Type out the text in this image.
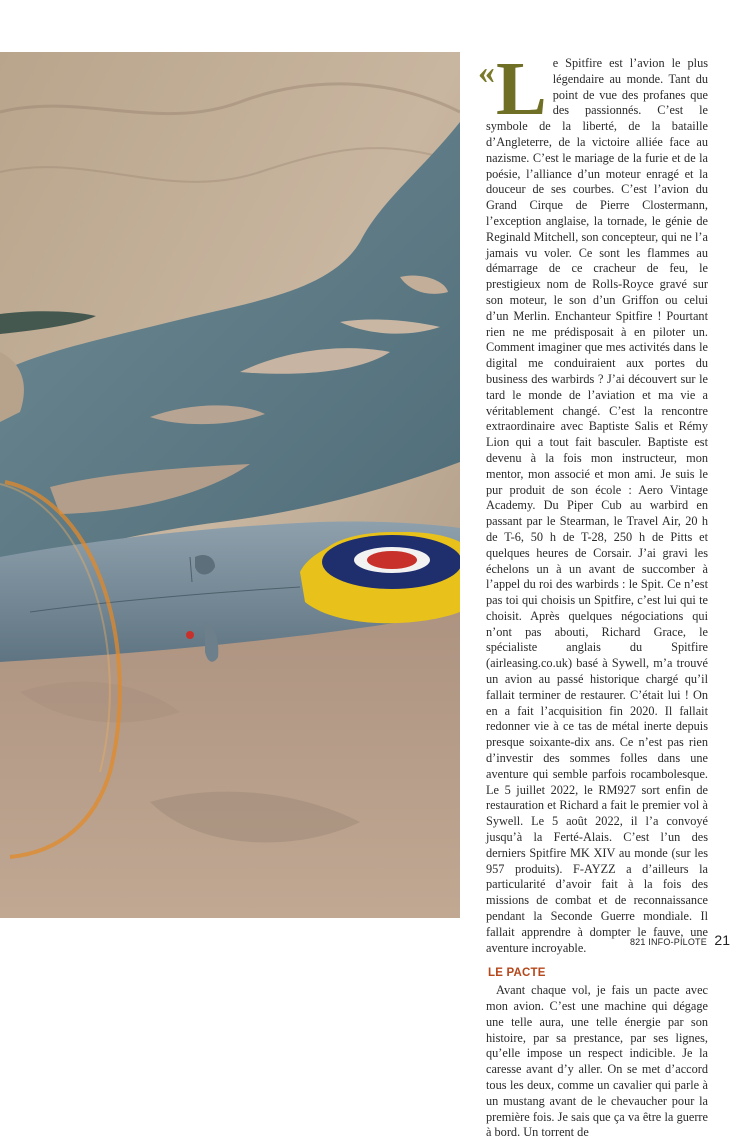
« L e Spitfire est l’avion le plus légendaire au monde. Tant du point de vue des profanes que des passionnés. C’est le symbole de la liberté, de la bataille d’Angleterre, de la victoire alliée face au nazisme. C’est le mariage de la furie et de la poésie, l’alliance d’un moteur enragé et la douceur de ses courbes. C’est l’avion du Grand Cirque de Pierre Clostermann, l’exception anglaise, la tornade, le génie de Reginald Mitchell, son concepteur, qui ne l’a jamais vu voler. Ce sont les flammes au démarrage de ce cracheur de feu, le prestigieux nom de Rolls-Royce gravé sur son moteur, le son d’un Griffon ou celui d’un Merlin. Enchanteur Spitfire ! Pourtant rien ne me prédisposait à en piloter un. Comment imaginer que mes activités dans le digital me conduiraient aux portes du business des warbirds ? J’ai découvert sur le tard le monde de l’aviation et ma vie a véritablement changé. C’est la rencontre extraordinaire avec Baptiste Salis et Rémy Lion qui a tout fait basculer. Baptiste est devenu à la fois mon instructeur, mon mentor, mon associé et mon ami. Je suis le pur produit de son école : Aero Vintage Academy. Du Piper Cub au warbird en passant par le Stearman, le Travel Air, 20 h de T-6, 50 h de T-28, 250 h de Pitts et quelques heures de Corsair. J’ai gravi les échelons un à un avant de succomber à l’appel du roi des warbirds : le Spit. Ce n’est pas toi qui choisis un Spitfire, c’est lui qui te choisit. Après quelques négociations qui n’ont pas abouti, Richard Grace, le spécialiste anglais du Spitfire (airleasing.co.uk) basé à Sywell, m’a trouvé un avion au passé historique chargé qu’il fallait terminer de restaurer. C’était lui ! On en a fait l’acquisition fin 2020. Il fallait redonner vie à ce tas de métal inerte depuis presque soixante-dix ans. Ce n’est pas rien d’investir des sommes folles dans une aventure qui semble parfois rocambolesque. Le 5 juillet 2022, le RM927 sort enfin de restauration et Richard a fait le premier vol à Sywell. Le 5 août 2022, il l’a convoyé jusqu’à la Ferté-Alais. C’est l’un des derniers Spitfire MK XIV au monde (sur les 957 produits). F-AYZZ a d’ailleurs la particularité d’avoir fait à la fois des missions de combat et de reconnaissance pendant la Seconde Guerre mondiale. Il fallait apprendre à dompter le fauve, une aventure incroyable.

LE PACTE

Avant chaque vol, je fais un pacte avec mon avion. C’est une machine qui dégage une telle aura, une telle énergie par son histoire, par sa prestance, par ses lignes, qu’elle impose un respect indicible. Je la caresse avant d’y aller. On se met d’accord tous les deux, comme un cavalier qui parle à un mustang avant de le chevaucher pour la première fois. Je sais que ça va être la guerre à bord. Un torrent de

821 INFO-PILOTE 21
